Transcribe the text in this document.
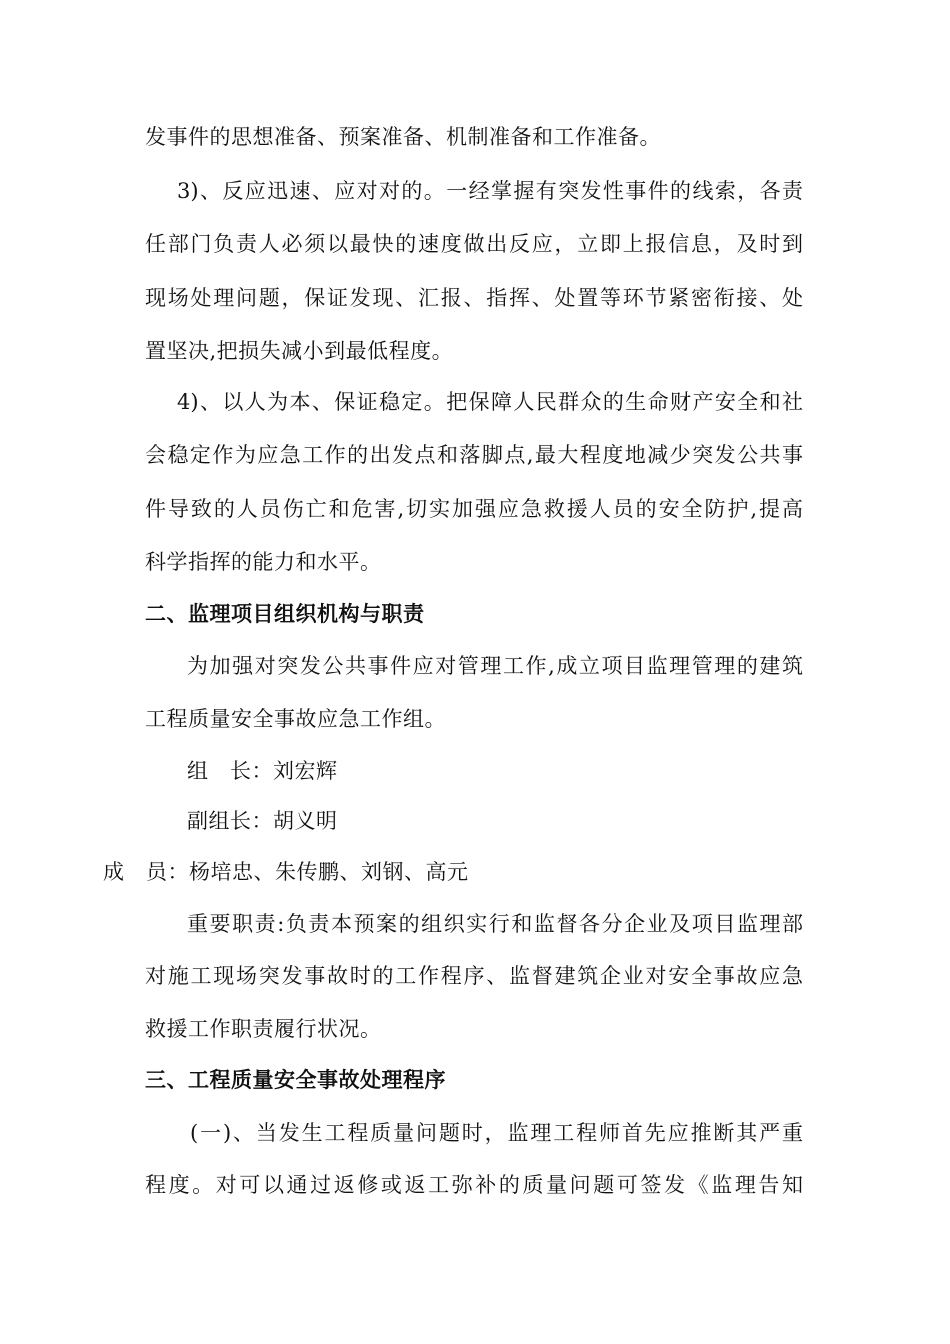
发事件的思想准备、预案准备、机制准备和工作准备。
3)、反应迅速、应对对的。一经掌握有突发性事件的线索，各责
任部门负责人必须以最快的速度做出反应，立即上报信息，及时到
现场处理问题，保证发现、汇报、指挥、处置等环节紧密衔接、处
置坚决,把损失减小到最低程度。
4)、以人为本、保证稳定。把保障人民群众的生命财产安全和社
会稳定作为应急工作的出发点和落脚点,最大程度地减少突发公共事
件导致的人员伤亡和危害,切实加强应急救援人员的安全防护,提高
科学指挥的能力和水平。
二、监理项目组织机构与职责
为加强对突发公共事件应对管理工作,成立项目监理管理的建筑
工程质量安全事故应急工作组。
组　长：刘宏辉
副组长：胡义明
成　员：杨培忠、朱传鹏、刘钢、高元
重要职责:负责本预案的组织实行和监督各分企业及项目监理部
对施工现场突发事故时的工作程序、监督建筑企业对安全事故应急
救援工作职责履行状况。
三、工程质量安全事故处理程序
(一)、当发生工程质量问题时，监理工程师首先应推断其严重
程度。对可以通过返修或返工弥补的质量问题可签发《监理告知
